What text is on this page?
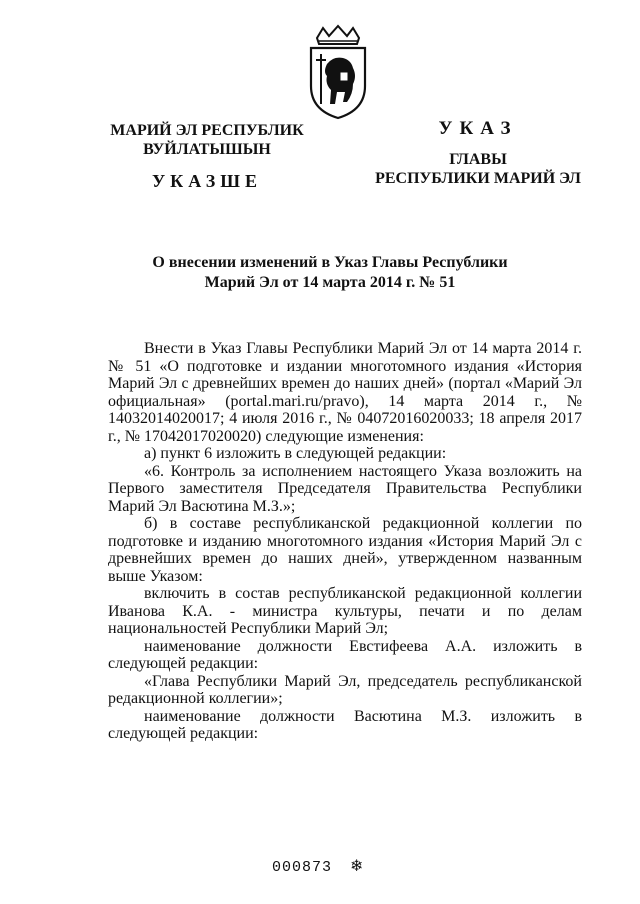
МАРИЙ ЭЛ РЕСПУБЛИК
ВУЙЛАТЫШЫН
УКАЗШЕ
УКАЗ
ГЛАВЫ
РЕСПУБЛИКИ МАРИЙ ЭЛ
О внесении изменений в Указ Главы Республики
Марий Эл от 14 марта 2014 г. № 51

Внести в Указ Главы Республики Марий Эл от 14 марта 2014 г. № 51 «О подготовке и издании многотомного издания «История Марий Эл с древнейших времен до наших дней» (портал «Марий Эл официальная» (portal.mari.ru/pravo), 14 марта 2014 г., № 14032014020017; 4 июля 2016 г., № 04072016020033; 18 апреля 2017 г., № 17042017020020) следующие изменения:

а) пункт 6 изложить в следующей редакции:

«6. Контроль за исполнением настоящего Указа возложить на Первого заместителя Председателя Правительства Республики Марий Эл Васютина М.З.»;

б) в составе республиканской редакционной коллегии по подготовке и изданию многотомного издания «История Марий Эл с древнейших времен до наших дней», утвержденном названным выше Указом:

включить в состав республиканской редакционной коллегии Иванова К.А. - министра культуры, печати и по делам национальностей Республики Марий Эл;

наименование должности Евстифеева А.А. изложить в следующей редакции:

«Глава Республики Марий Эл, председатель республиканской редакционной коллегии»;

наименование должности Васютина М.З. изложить в следующей редакции:

000873 ❄
